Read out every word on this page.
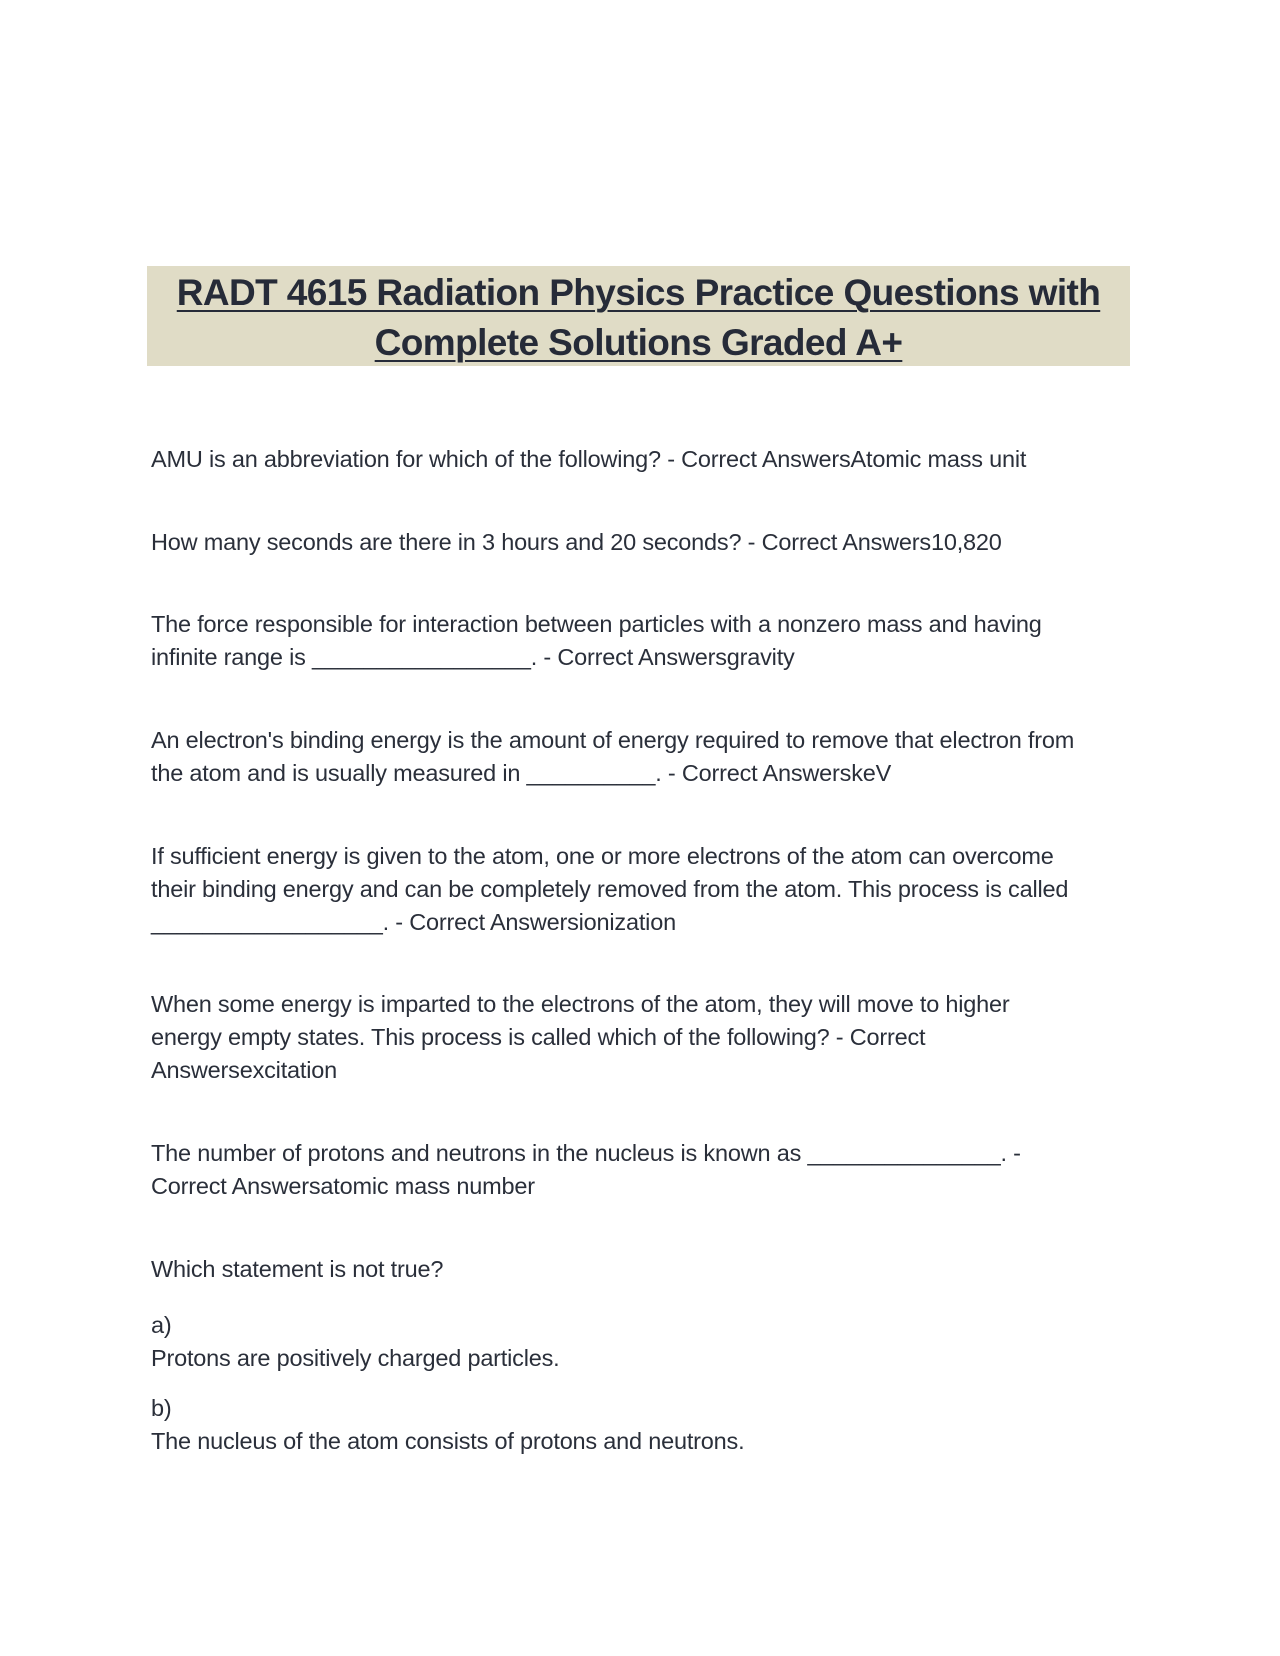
RADT 4615 Radiation Physics Practice Questions with
Complete Solutions Graded A+

AMU is an abbreviation for which of the following? - Correct AnswersAtomic mass unit

How many seconds are there in 3 hours and 20 seconds? - Correct Answers10,820

The force responsible for interaction between particles with a nonzero mass and having
infinite range is _________________. - Correct Answersgravity

An electron's binding energy is the amount of energy required to remove that electron from
the atom and is usually measured in __________. - Correct AnswerskeV

If sufficient energy is given to the atom, one or more electrons of the atom can overcome
their binding energy and can be completely removed from the atom. This process is called
__________________. - Correct Answersionization

When some energy is imparted to the electrons of the atom, they will move to higher
energy empty states. This process is called which of the following? - Correct
Answersexcitation

The number of protons and neutrons in the nucleus is known as _______________. -
Correct Answersatomic mass number

Which statement is not true?

a)
Protons are positively charged particles.

b)
The nucleus of the atom consists of protons and neutrons.
